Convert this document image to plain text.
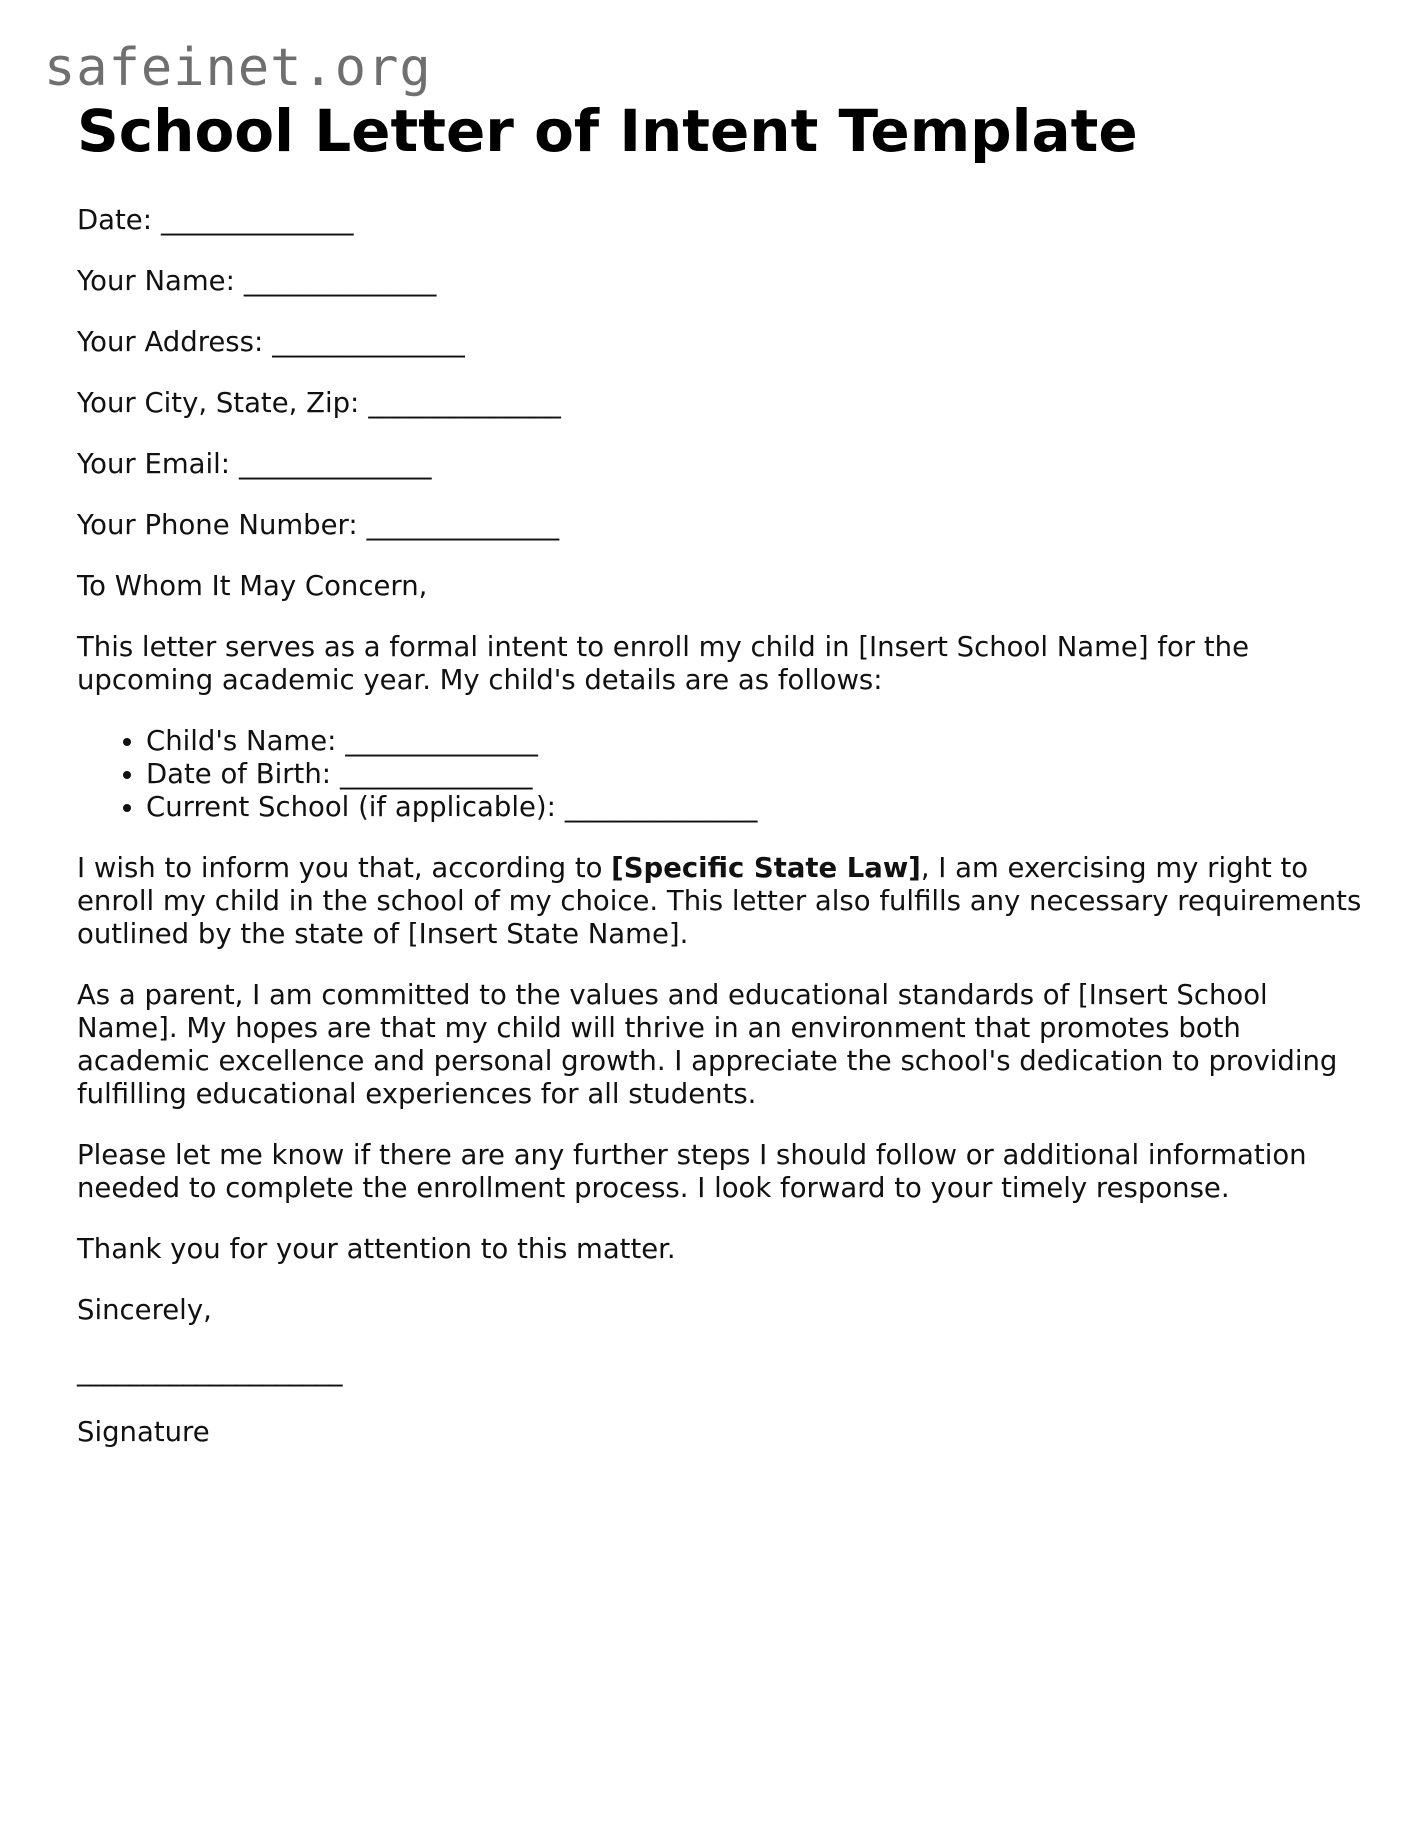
safeinet.org
School Letter of Intent Template

Date: ______________

Your Name: ______________

Your Address: ______________

Your City, State, Zip: ______________

Your Email: ______________

Your Phone Number: ______________

To Whom It May Concern,

This letter serves as a formal intent to enroll my child in [Insert School Name] for the upcoming academic year. My child's details are as follows:

• Child's Name: ______________
• Date of Birth: ______________
• Current School (if applicable): ______________

I wish to inform you that, according to [Specific State Law], I am exercising my right to enroll my child in the school of my choice. This letter also fulfills any necessary requirements outlined by the state of [Insert State Name].

As a parent, I am committed to the values and educational standards of [Insert School Name]. My hopes are that my child will thrive in an environment that promotes both academic excellence and personal growth. I appreciate the school's dedication to providing fulfilling educational experiences for all students.

Please let me know if there are any further steps I should follow or additional information needed to complete the enrollment process. I look forward to your timely response.

Thank you for your attention to this matter.

Sincerely,

____________________

Signature
